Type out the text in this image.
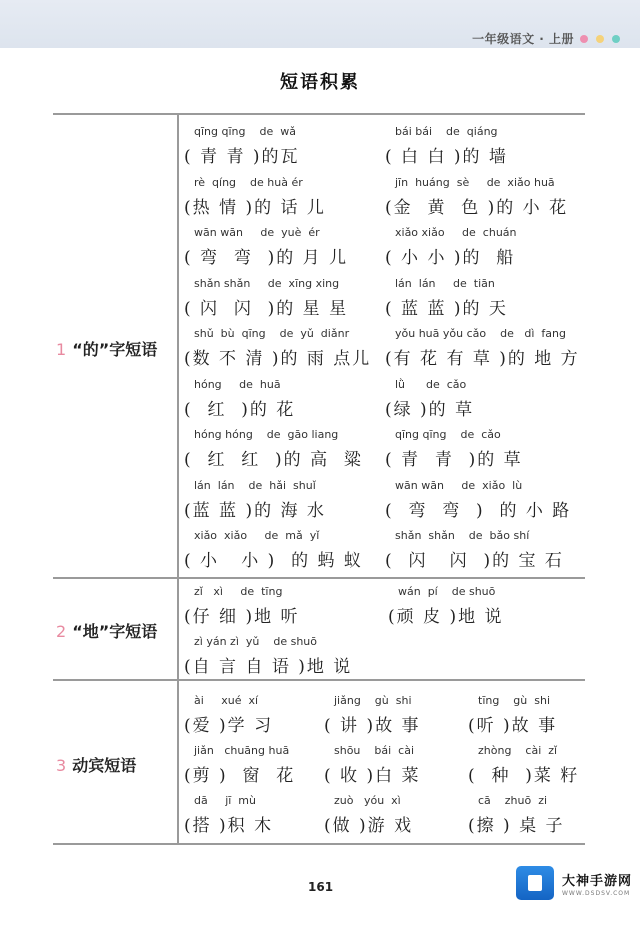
一年级语文 · 上册
短语积累
1 “的”字短语
2 “地”字短语
3 动宾短语
qīng qīng    de  wǎ
( 青 青 )的瓦
bái bái    de  qiáng
( 白 白 )的 墙
rè  qíng    de huà ér
(热 情 )的 话 儿
jīn  huáng  sè     de  xiǎo huā
(金  黄  色 )的 小 花
wān wān     de  yuè  ér
( 弯  弯  )的 月 儿
xiǎo xiǎo     de  chuán
( 小 小 )的  船
shǎn shǎn     de  xīng xing
( 闪  闪  )的 星 星
lán  lán     de  tiān
( 蓝 蓝 )的 天
shǔ  bù  qīng    de  yǔ  diǎnr
(数 不 清 )的 雨 点儿
yǒu huā yǒu cǎo    de   dì  fang
(有 花 有 草 )的 地 方
hóng     de  huā
(  红  )的 花
lǜ      de  cǎo
(绿 )的 草
hóng hóng    de  gāo liang
(  红  红  )的 高  粱
qīng qīng    de  cǎo
( 青  青  )的 草
lán  lán    de  hǎi  shuǐ
(蓝 蓝 )的 海 水
wān wān     de  xiǎo  lù
(  弯  弯  )  的 小 路
xiǎo  xiǎo     de  mǎ  yǐ
( 小   小 )  的 蚂 蚁
shǎn  shǎn    de  bǎo shí
(  闪   闪  )的 宝 石
zǐ   xì     de  tīng
(仔 细 )地 听
wán  pí    de shuō
(顽 皮 )地 说
zì yán zì  yǔ    de shuō
(自 言 自 语 )地 说
ài     xué  xí
(爱 )学 习
jiǎng    gù  shi
( 讲 )故 事
tīng    gù  shi
(听 )故 事
jiǎn   chuāng huā
(剪 )  窗  花
shōu    bái  cài
( 收 )白 菜
zhòng    cài  zǐ
(  种  )菜 籽
dā     jī  mù
(搭 )积 木
zuò   yóu  xì
(做 )游 戏
cā    zhuō  zi
(擦 ) 桌 子
161	大神手游网
WWW.DSDSV.COM
